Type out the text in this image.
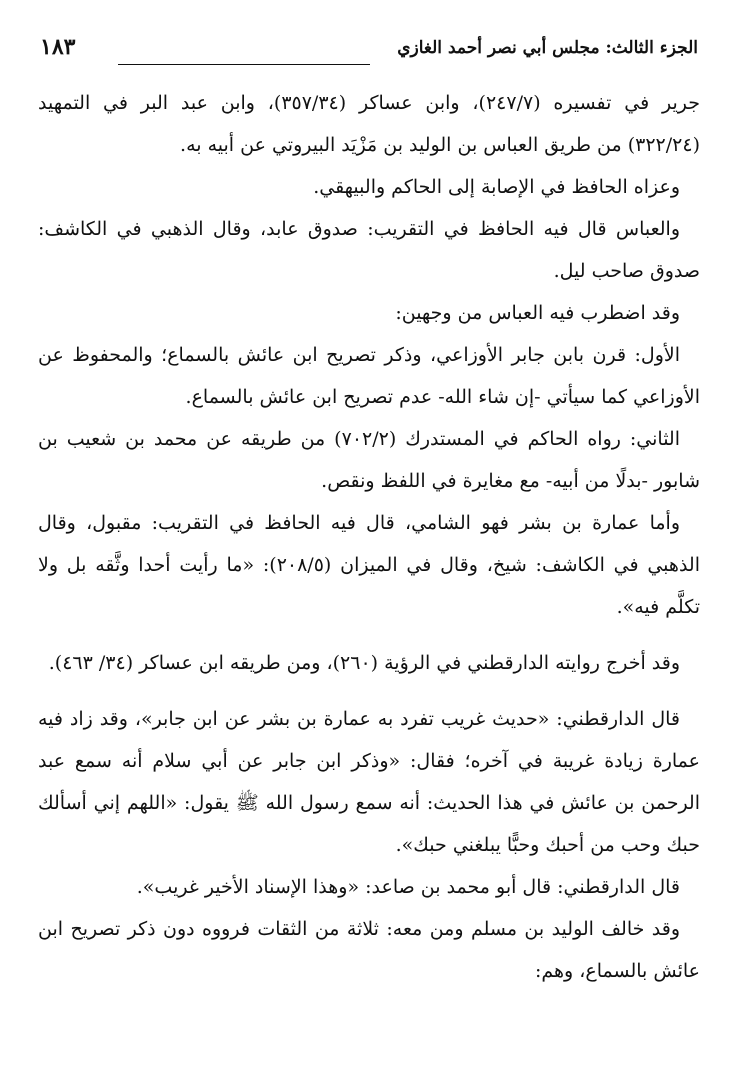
الجزء الثالث: مجلس أبي نصر أحمد الغازي
١٨٣

جرير في تفسيره (٢٤٧/٧)، وابن عساكر (٣٥٧/٣٤)، وابن عبد البر في التمهيد (٣٢٢/٢٤) من طريق العباس بن الوليد بن مَزْيَد البيروتي عن أبيه به.

وعزاه الحافظ في الإصابة إلى الحاكم والبيهقي.

والعباس قال فيه الحافظ في التقريب: صدوق عابد، وقال الذهبي في الكاشف: صدوق صاحب ليل.

وقد اضطرب فيه العباس من وجهين:

الأول: قرن بابن جابر الأوزاعي، وذكر تصريح ابن عائش بالسماع؛ والمحفوظ عن الأوزاعي كما سيأتي -إن شاء الله- عدم تصريح ابن عائش بالسماع.

الثاني: رواه الحاكم في المستدرك (٧٠٢/٢) من طريقه عن محمد بن شعيب بن شابور -بدلًا من أبيه- مع مغايرة في اللفظ ونقص.

وأما عمارة بن بشر فهو الشامي، قال فيه الحافظ في التقريب: مقبول، وقال الذهبي في الكاشف: شيخ، وقال في الميزان (٢٠٨/٥): «ما رأيت أحدا وثَّقه بل ولا تكلَّم فيه».

وقد أخرج روايته الدارقطني في الرؤية (٢٦٠)، ومن طريقه ابن عساكر (٣٤/ ٤٦٣).

قال الدارقطني: «حديث غريب تفرد به عمارة بن بشر عن ابن جابر»، وقد زاد فيه عمارة زيادة غريبة في آخره؛ فقال: «وذكر ابن جابر عن أبي سلام أنه سمع عبد الرحمن بن عائش في هذا الحديث: أنه سمع رسول الله ﷺ يقول: «اللهم إني أسألك حبك وحب من أحبك وحبًّا يبلغني حبك».

قال الدارقطني: قال أبو محمد بن صاعد: «وهذا الإسناد الأخير غريب».

وقد خالف الوليد بن مسلم ومن معه: ثلاثة من الثقات فرووه دون ذكر تصريح ابن عائش بالسماع، وهم:
